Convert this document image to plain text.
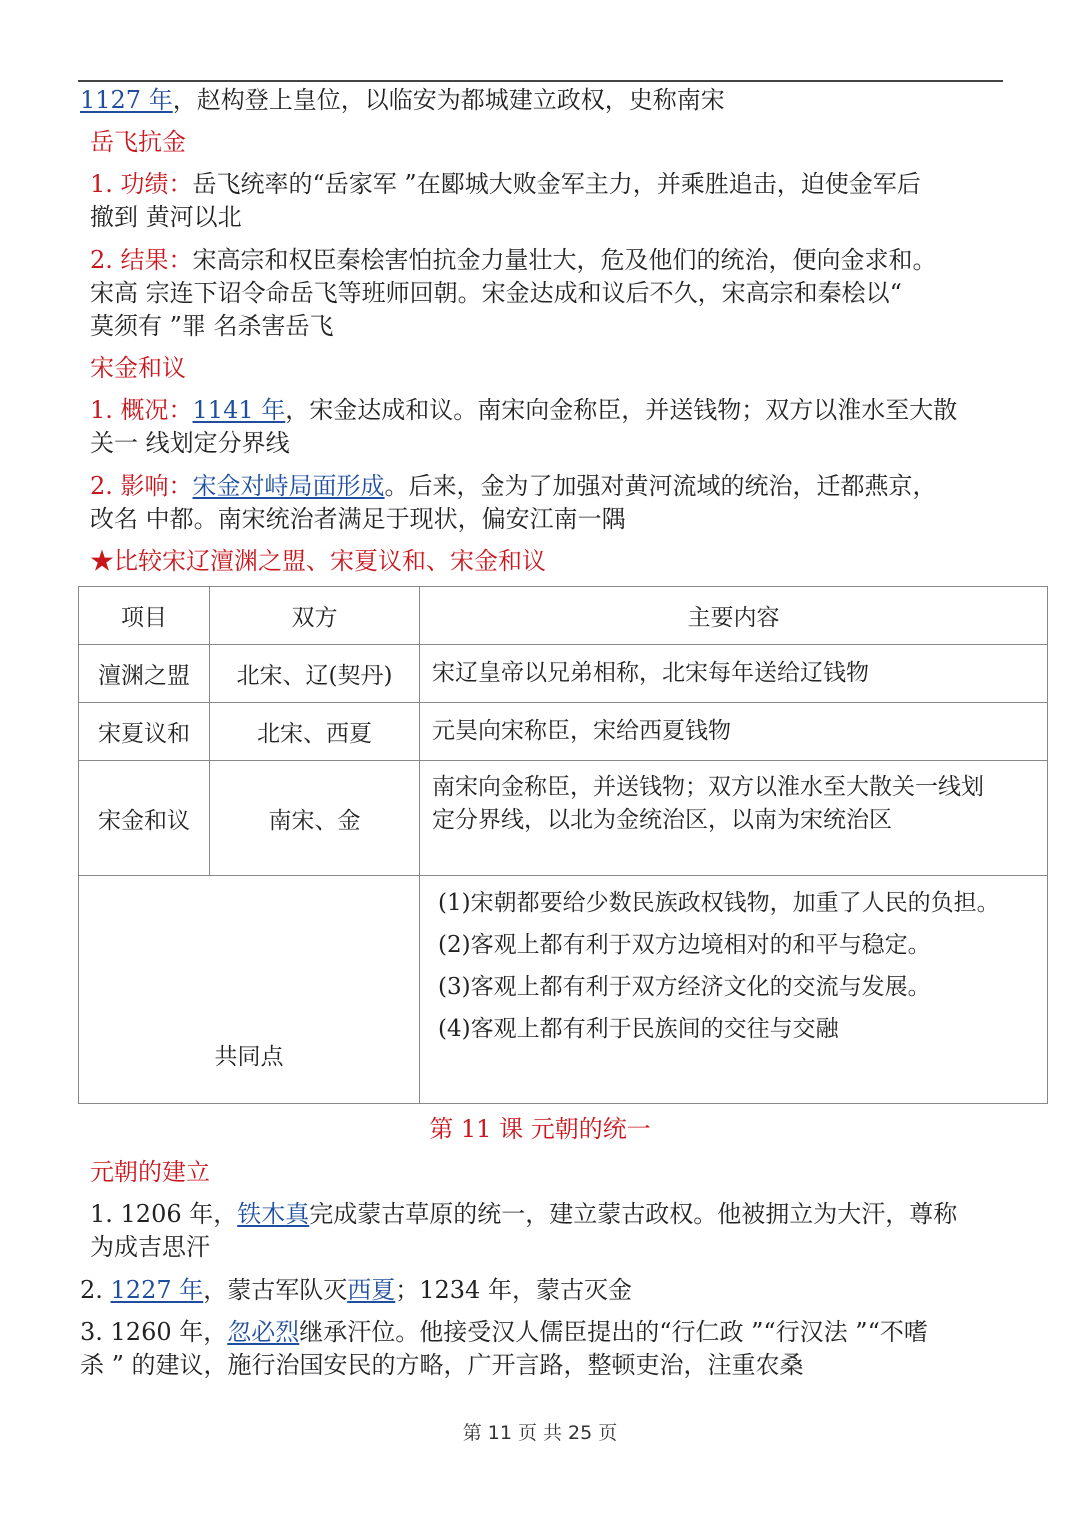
1127 年，赵构登上皇位，以临安为都城建立政权，史称南宋
岳飞抗金
1. 功绩：岳飞统率的“岳家军 ”在郾城大败金军主力，并乘胜追击，迫使金军后
撤到 黄河以北
2. 结果：宋高宗和权臣秦桧害怕抗金力量壮大，危及他们的统治，便向金求和。
宋高 宗连下诏令命岳飞等班师回朝。宋金达成和议后不久，宋高宗和秦桧以“
莫须有 ”罪 名杀害岳飞
宋金和议
1. 概况：1141 年，宋金达成和议。南宋向金称臣，并送钱物；双方以淮水至大散
关一 线划定分界线
2. 影响：宋金对峙局面形成。后来，金为了加强对黄河流域的统治，迁都燕京，
改名 中都。南宋统治者满足于现状，偏安江南一隅
★比较宋辽澶渊之盟、宋夏议和、宋金和议
项目	双方	主要内容
澶渊之盟	北宋、辽(契丹)	宋辽皇帝以兄弟相称，北宋每年送给辽钱物
宋夏议和	北宋、西夏	元昊向宋称臣，宋给西夏钱物
宋金和议	南宋、金	南宋向金称臣，并送钱物；双方以淮水至大散关一线划
定分界线，以北为金统治区，以南为宋统治区

共同点		(1)宋朝都要给少数民族政权钱物，加重了人民的负担。
(2)客观上都有利于双方边境相对的和平与稳定。
(3)客观上都有利于双方经济文化的交流与发展。
(4)客观上都有利于民族间的交往与交融
第 11 课 元朝的统一
元朝的建立
1. 1206 年，铁木真完成蒙古草原的统一，建立蒙古政权。他被拥立为大汗，尊称
为成吉思汗
2. 1227 年，蒙古军队灭西夏；1234 年，蒙古灭金
3. 1260 年，忽必烈继承汗位。他接受汉人儒臣提出的“行仁政 ”“行汉法 ”“不嗜
杀 ” 的建议，施行治国安民的方略，广开言路，整顿吏治，注重农桑
第 11 页 共 25 页
